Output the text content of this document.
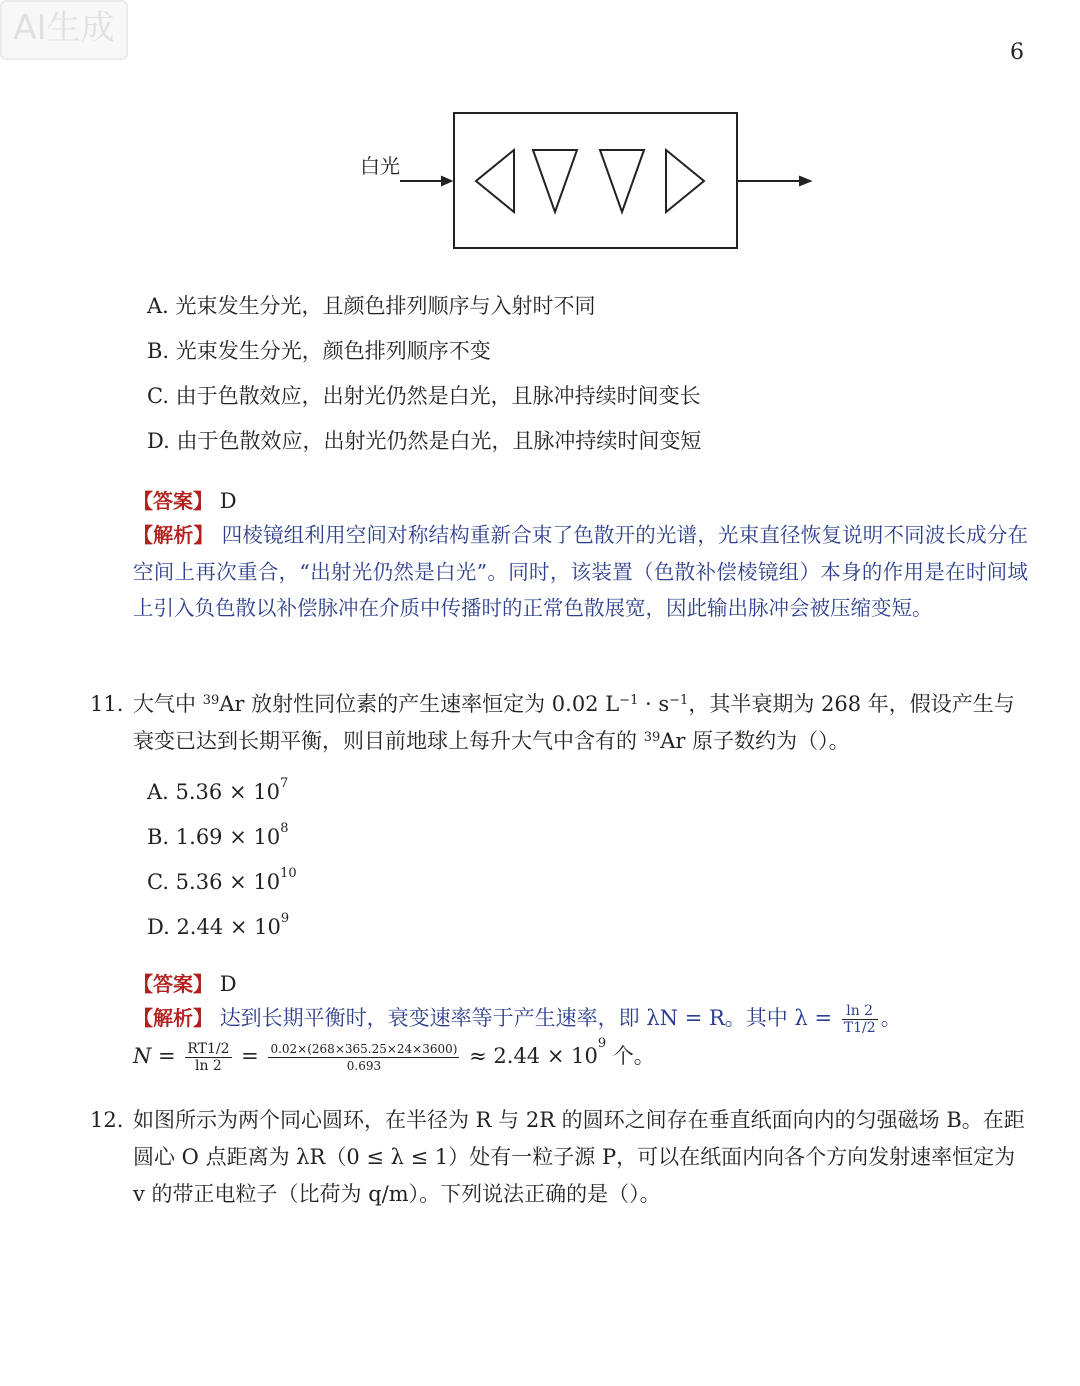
AI生成
6
白光
A. 光束发生分光，且颜色排列顺序与入射时不同
B. 光束发生分光，颜色排列顺序不变
C. 由于色散效应，出射光仍然是白光，且脉冲持续时间变长
D. 由于色散效应，出射光仍然是白光，且脉冲持续时间变短
【答案】 D
【解析】 四棱镜组利用空间对称结构重新合束了色散开的光谱，光束直径恢复说明不同波长成分在空间上再次重合，“出射光仍然是白光”。同时，该装置（色散补偿棱镜组）本身的作用是在时间域上引入负色散以补偿脉冲在介质中传播时的正常色散展宽，因此输出脉冲会被压缩变短。
11. 大气中 $^{39}$Ar 放射性同位素的产生速率恒定为 0.02 $L^{-1} \cdot s^{-1}$，其半衰期为 268 年，假设产生与衰变已达到长期平衡，则目前地球上每升大气中含有的 $^{39}$Ar 原子数约为（）。
A. $5.36 \times 10^7$
B. $1.69 \times 10^8$
C. $5.36 \times 10^{10}$
D. $2.44 \times 10^9$
【答案】 D
【解析】 达到长期平衡时，衰变速率等于产生速率，即 λN = R。其中 $\lambda = \frac{\ln 2}{T1/2}$ 。
$N = \frac{RT1/2}{\ln 2} = \frac{0.02\times(268\times 365.25\times 24\times 3600)}{0.693} \approx 2.44 \times 10^9$ 个。
12. 如图所示为两个同心圆环，在半径为 R 与 2R 的圆环之间存在垂直纸面向内的匀强磁场 B。在距圆心 O 点距离为 λR（0 ≤ λ ≤ 1）处有一粒子源 P，可以在纸面内向各个方向发射速率恒定为 v 的带正电粒子（比荷为 q/m）。下列说法正确的是（）。
